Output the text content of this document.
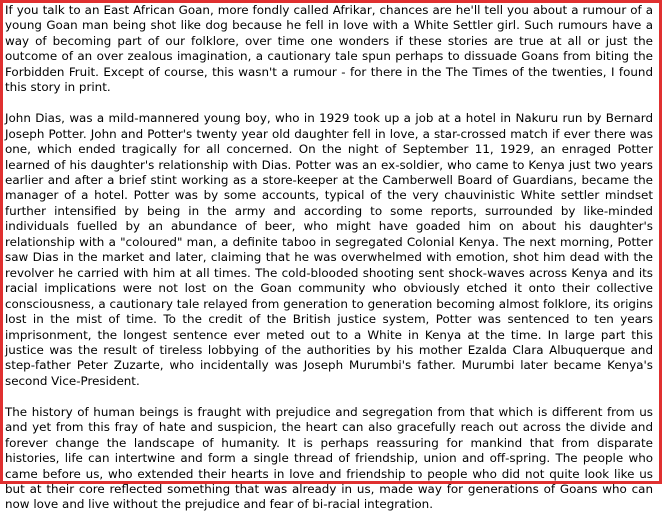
If you talk to an East African Goan, more fondly called Afrikar, chances are he'll tell you about a rumour of a young Goan man being shot like dog because he fell in love with a White Settler girl. Such rumours have a way of becoming part of our folklore, over time one wonders if these stories are true at all or just the outcome of an over zealous imagination, a cautionary tale spun perhaps to dissuade Goans from biting the Forbidden Fruit. Except of course, this wasn't a rumour - for there in the The Times of the twenties, I found this story in print.

John Dias, was a mild-mannered young boy, who in 1929 took up a job at a hotel in Nakuru run by Bernard Joseph Potter. John and Potter's twenty year old daughter fell in love, a star-crossed match if ever there was one, which ended tragically for all concerned. On the night of September 11, 1929, an enraged Potter learned of his daughter's relationship with Dias. Potter was an ex-soldier, who came to Kenya just two years earlier and after a brief stint working as a store-keeper at the Camberwell Board of Guardians, became the manager of a hotel. Potter was by some accounts, typical of the very chauvinistic White settler mindset further intensified by being in the army and according to some reports, surrounded by like-minded individuals fuelled by an abundance of beer, who might have goaded him on about his daughter's relationship with a "coloured" man, a definite taboo in segregated Colonial Kenya. The next morning, Potter saw Dias in the market and later, claiming that he was overwhelmed with emotion, shot him dead with the revolver he carried with him at all times. The cold-blooded shooting sent shock-waves across Kenya and its racial implications were not lost on the Goan community who obviously etched it onto their collective consciousness, a cautionary tale relayed from generation to generation becoming almost folklore, its origins lost in the mist of time. To the credit of the British justice system, Potter was sentenced to ten years imprisonment, the longest sentence ever meted out to a White in Kenya at the time. In large part this justice was the result of tireless lobbying of the authorities by his mother Ezalda Clara Albuquerque and step-father Peter Zuzarte, who incidentally was Joseph Murumbi's father. Murumbi later became Kenya's second Vice-President.

The history of human beings is fraught with prejudice and segregation from that which is different from us and yet from this fray of hate and suspicion, the heart can also gracefully reach out across the divide and forever change the landscape of humanity. It is perhaps reassuring for mankind that from disparate histories, life can intertwine and form a single thread of friendship, union and off-spring. The people who came before us, who extended their hearts in love and friendship to people who did not quite look like us but at their core reflected something that was already in us, made way for generations of Goans who can now love and live without the prejudice and fear of bi-racial integration.
